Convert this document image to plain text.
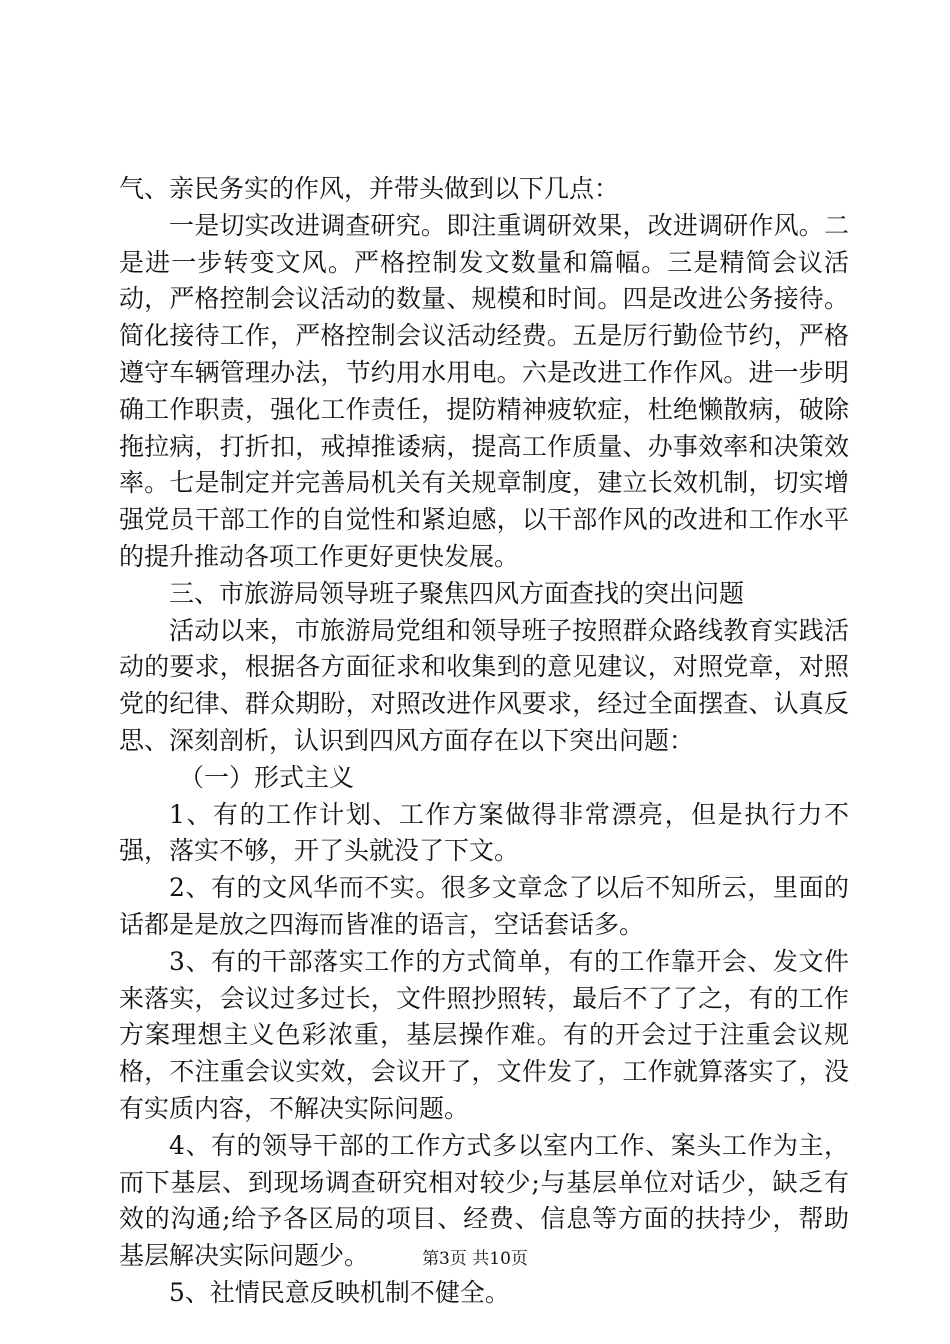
气、亲民务实的作风，并带头做到以下几点：

一是切实改进调查研究。即注重调研效果，改进调研作风。二是进一步转变文风。严格控制发文数量和篇幅。三是精简会议活动，严格控制会议活动的数量、规模和时间。四是改进公务接待。简化接待工作，严格控制会议活动经费。五是厉行勤俭节约，严格遵守车辆管理办法，节约用水用电。六是改进工作作风。进一步明确工作职责，强化工作责任，提防精神疲软症，杜绝懒散病，破除拖拉病，打折扣，戒掉推诿病，提高工作质量、办事效率和决策效率。七是制定并完善局机关有关规章制度，建立长效机制，切实增强党员干部工作的自觉性和紧迫感，以干部作风的改进和工作水平的提升推动各项工作更好更快发展。

三、市旅游局领导班子聚焦四风方面查找的突出问题

活动以来，市旅游局党组和领导班子按照群众路线教育实践活动的要求，根据各方面征求和收集到的意见建议，对照党章，对照党的纪律、群众期盼，对照改进作风要求，经过全面摆查、认真反思、深刻剖析，认识到四风方面存在以下突出问题：

（一）形式主义

1、有的工作计划、工作方案做得非常漂亮，但是执行力不强，落实不够，开了头就没了下文。

2、有的文风华而不实。很多文章念了以后不知所云，里面的话都是是放之四海而皆准的语言，空话套话多。

3、有的干部落实工作的方式简单，有的工作靠开会、发文件来落实，会议过多过长，文件照抄照转，最后不了了之，有的工作方案理想主义色彩浓重，基层操作难。有的开会过于注重会议规格，不注重会议实效，会议开了，文件发了，工作就算落实了，没有实质内容，不解决实际问题。

4、有的领导干部的工作方式多以室内工作、案头工作为主，而下基层、到现场调查研究相对较少;与基层单位对话少，缺乏有效的沟通;给予各区局的项目、经费、信息等方面的扶持少，帮助基层解决实际问题少。

5、社情民意反映机制不健全。

第3页 共10页
